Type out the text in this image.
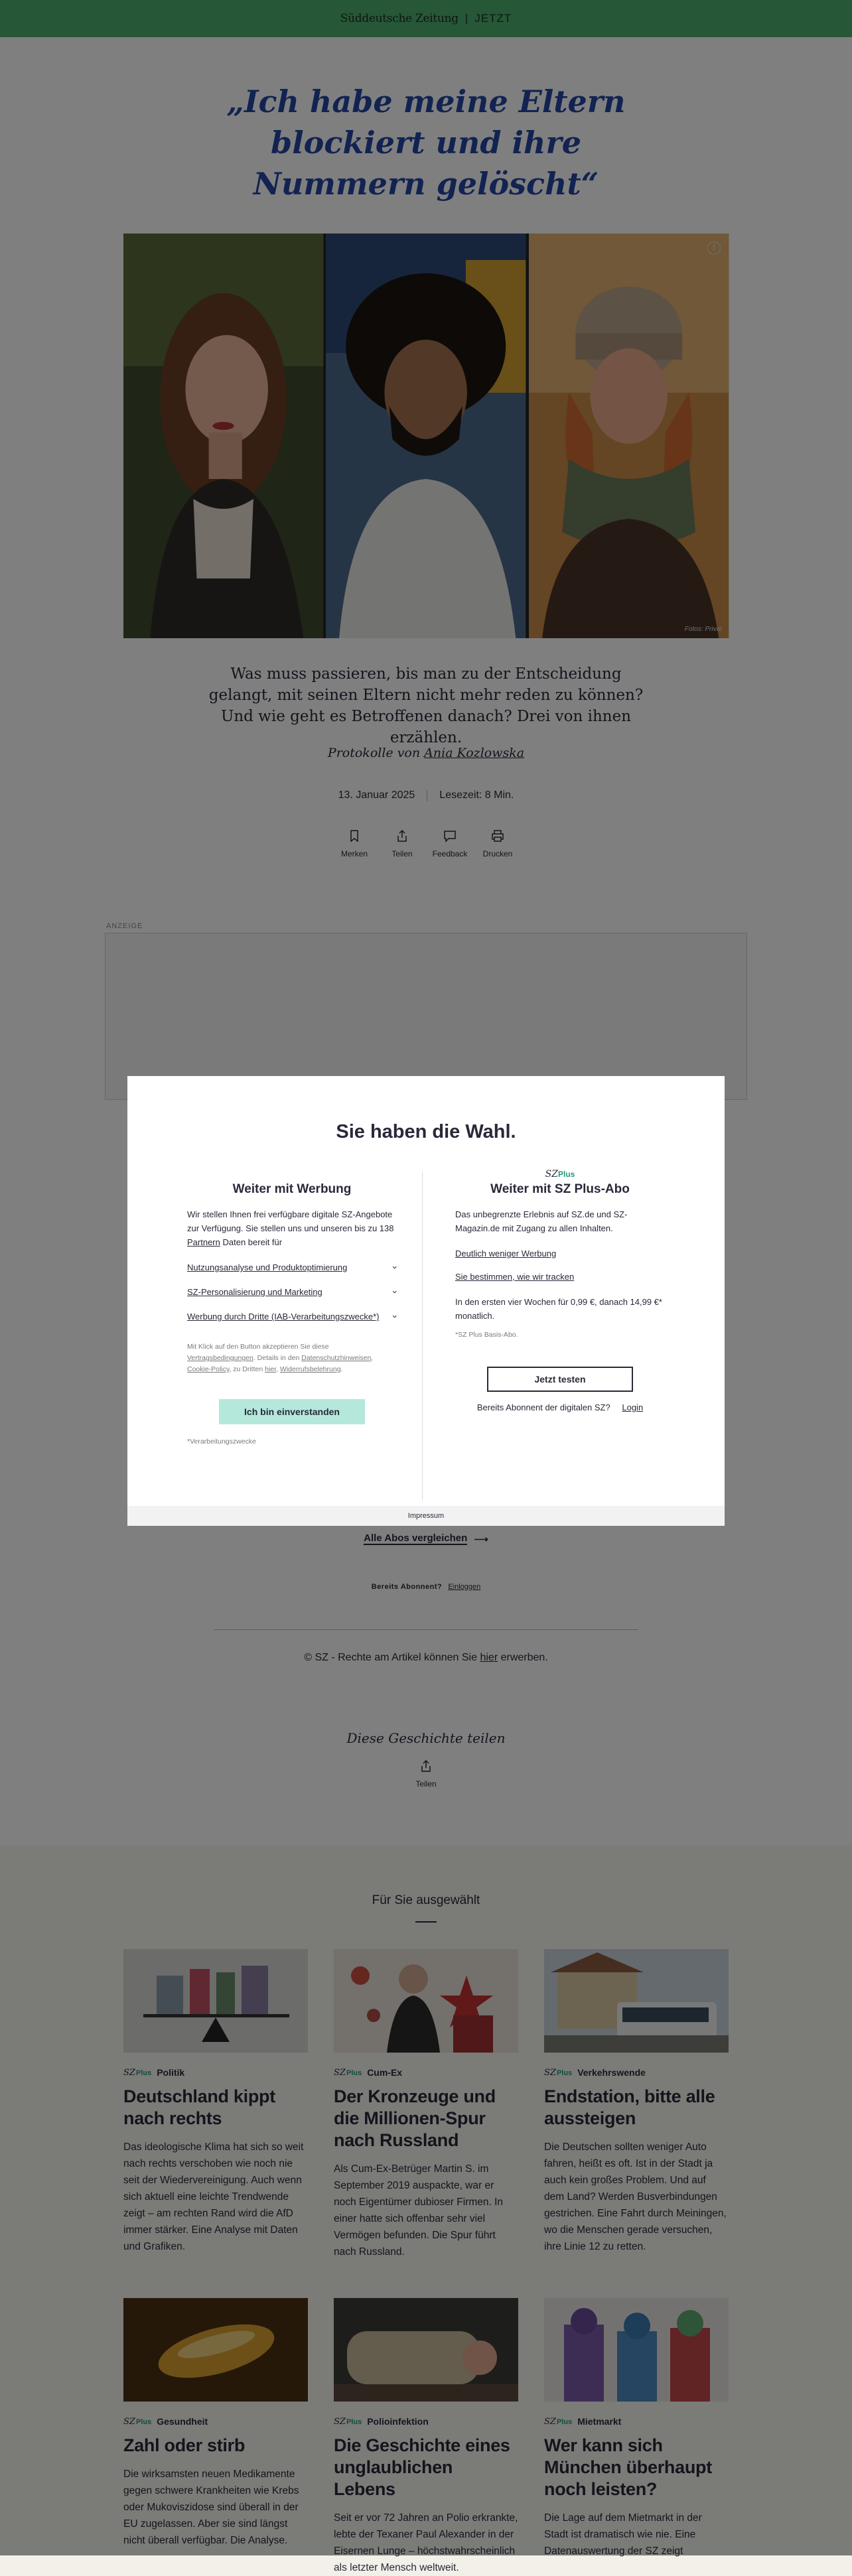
als letzter Mensch weltweit.
Sie haben die Wahl.
Weiter mit Werbung

Wir stellen Ihnen frei verfügbare digitale SZ-Angebote zur Verfügung. Sie stellen uns und unseren bis zu 138 Partnern Daten bereit für

Nutzungsanalyse und Produktoptimierung	›
SZ-Personalisierung und Marketing	›
Werbung durch Dritte (IAB-Verarbeitungszwecke*) ›

Mit Klick auf den Button akzeptieren Sie diese Vertragsbedingungen. Details in den Datenschutzhinweisen, Cookie-Policy, zu Dritten hier, Widerrufsbelehrung.

Ich bin einverstanden
*Verarbeitungszwecke
SZPlus
Weiter mit SZ Plus-Abo

Das unbegrenzte Erlebnis auf SZ.de und SZ-Magazin.de mit Zugang zu allen Inhalten.

Deutlich weniger Werbung
Sie bestimmen, wie wir tracken

In den ersten vier Wochen für 0,99 €, danach 14,99 €* monatlich.

*SZ Plus Basis-Abo.
Jetzt testen
Bereits Abonnent der digitalen SZ? Login
Impressum
